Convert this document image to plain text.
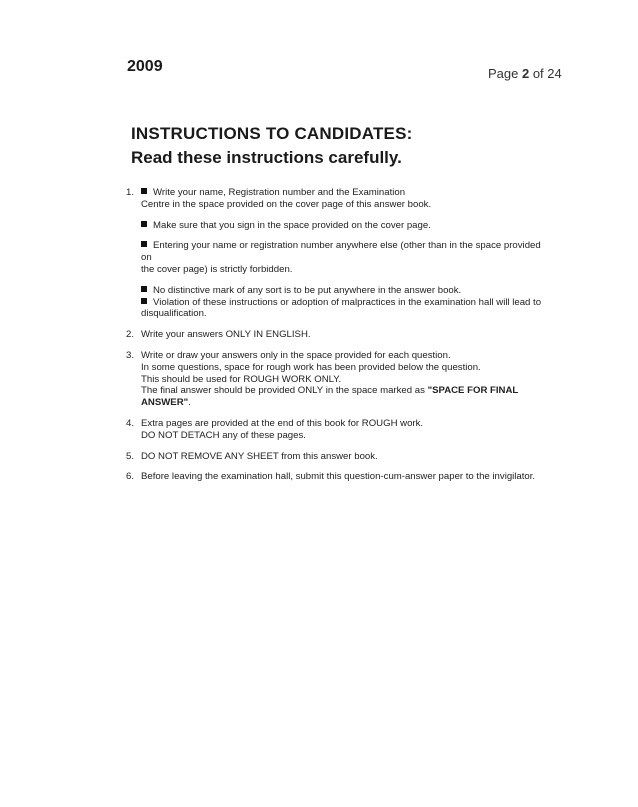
2009	Page 2 of 24
INSTRUCTIONS TO CANDIDATES:
Read these instructions carefully.
1.	Write your name, Registration number and the Examination
Centre in the space provided on the cover page of this answer book.
Make sure that you sign in the space provided on the cover page.
Entering your name or registration number anywhere else (other than in the space provided on
the cover page) is strictly forbidden.
No distinctive mark of any sort is to be put anywhere in the answer book.
Violation of these instructions or adoption of malpractices in the examination hall will lead to
disqualification.
2. Write your answers ONLY IN ENGLISH.
3. Write or draw your answers only in the space provided for each question.
In some questions, space for rough work has been provided below the question.
This should be used for ROUGH WORK ONLY.
The final answer should be provided ONLY in the space marked as "SPACE FOR FINAL ANSWER".
4. Extra pages are provided at the end of this book for ROUGH work.
DO NOT DETACH any of these pages.
5. DO NOT REMOVE ANY SHEET from this answer book.
6. Before leaving the examination hall, submit this question-cum-answer paper to the invigilator.
